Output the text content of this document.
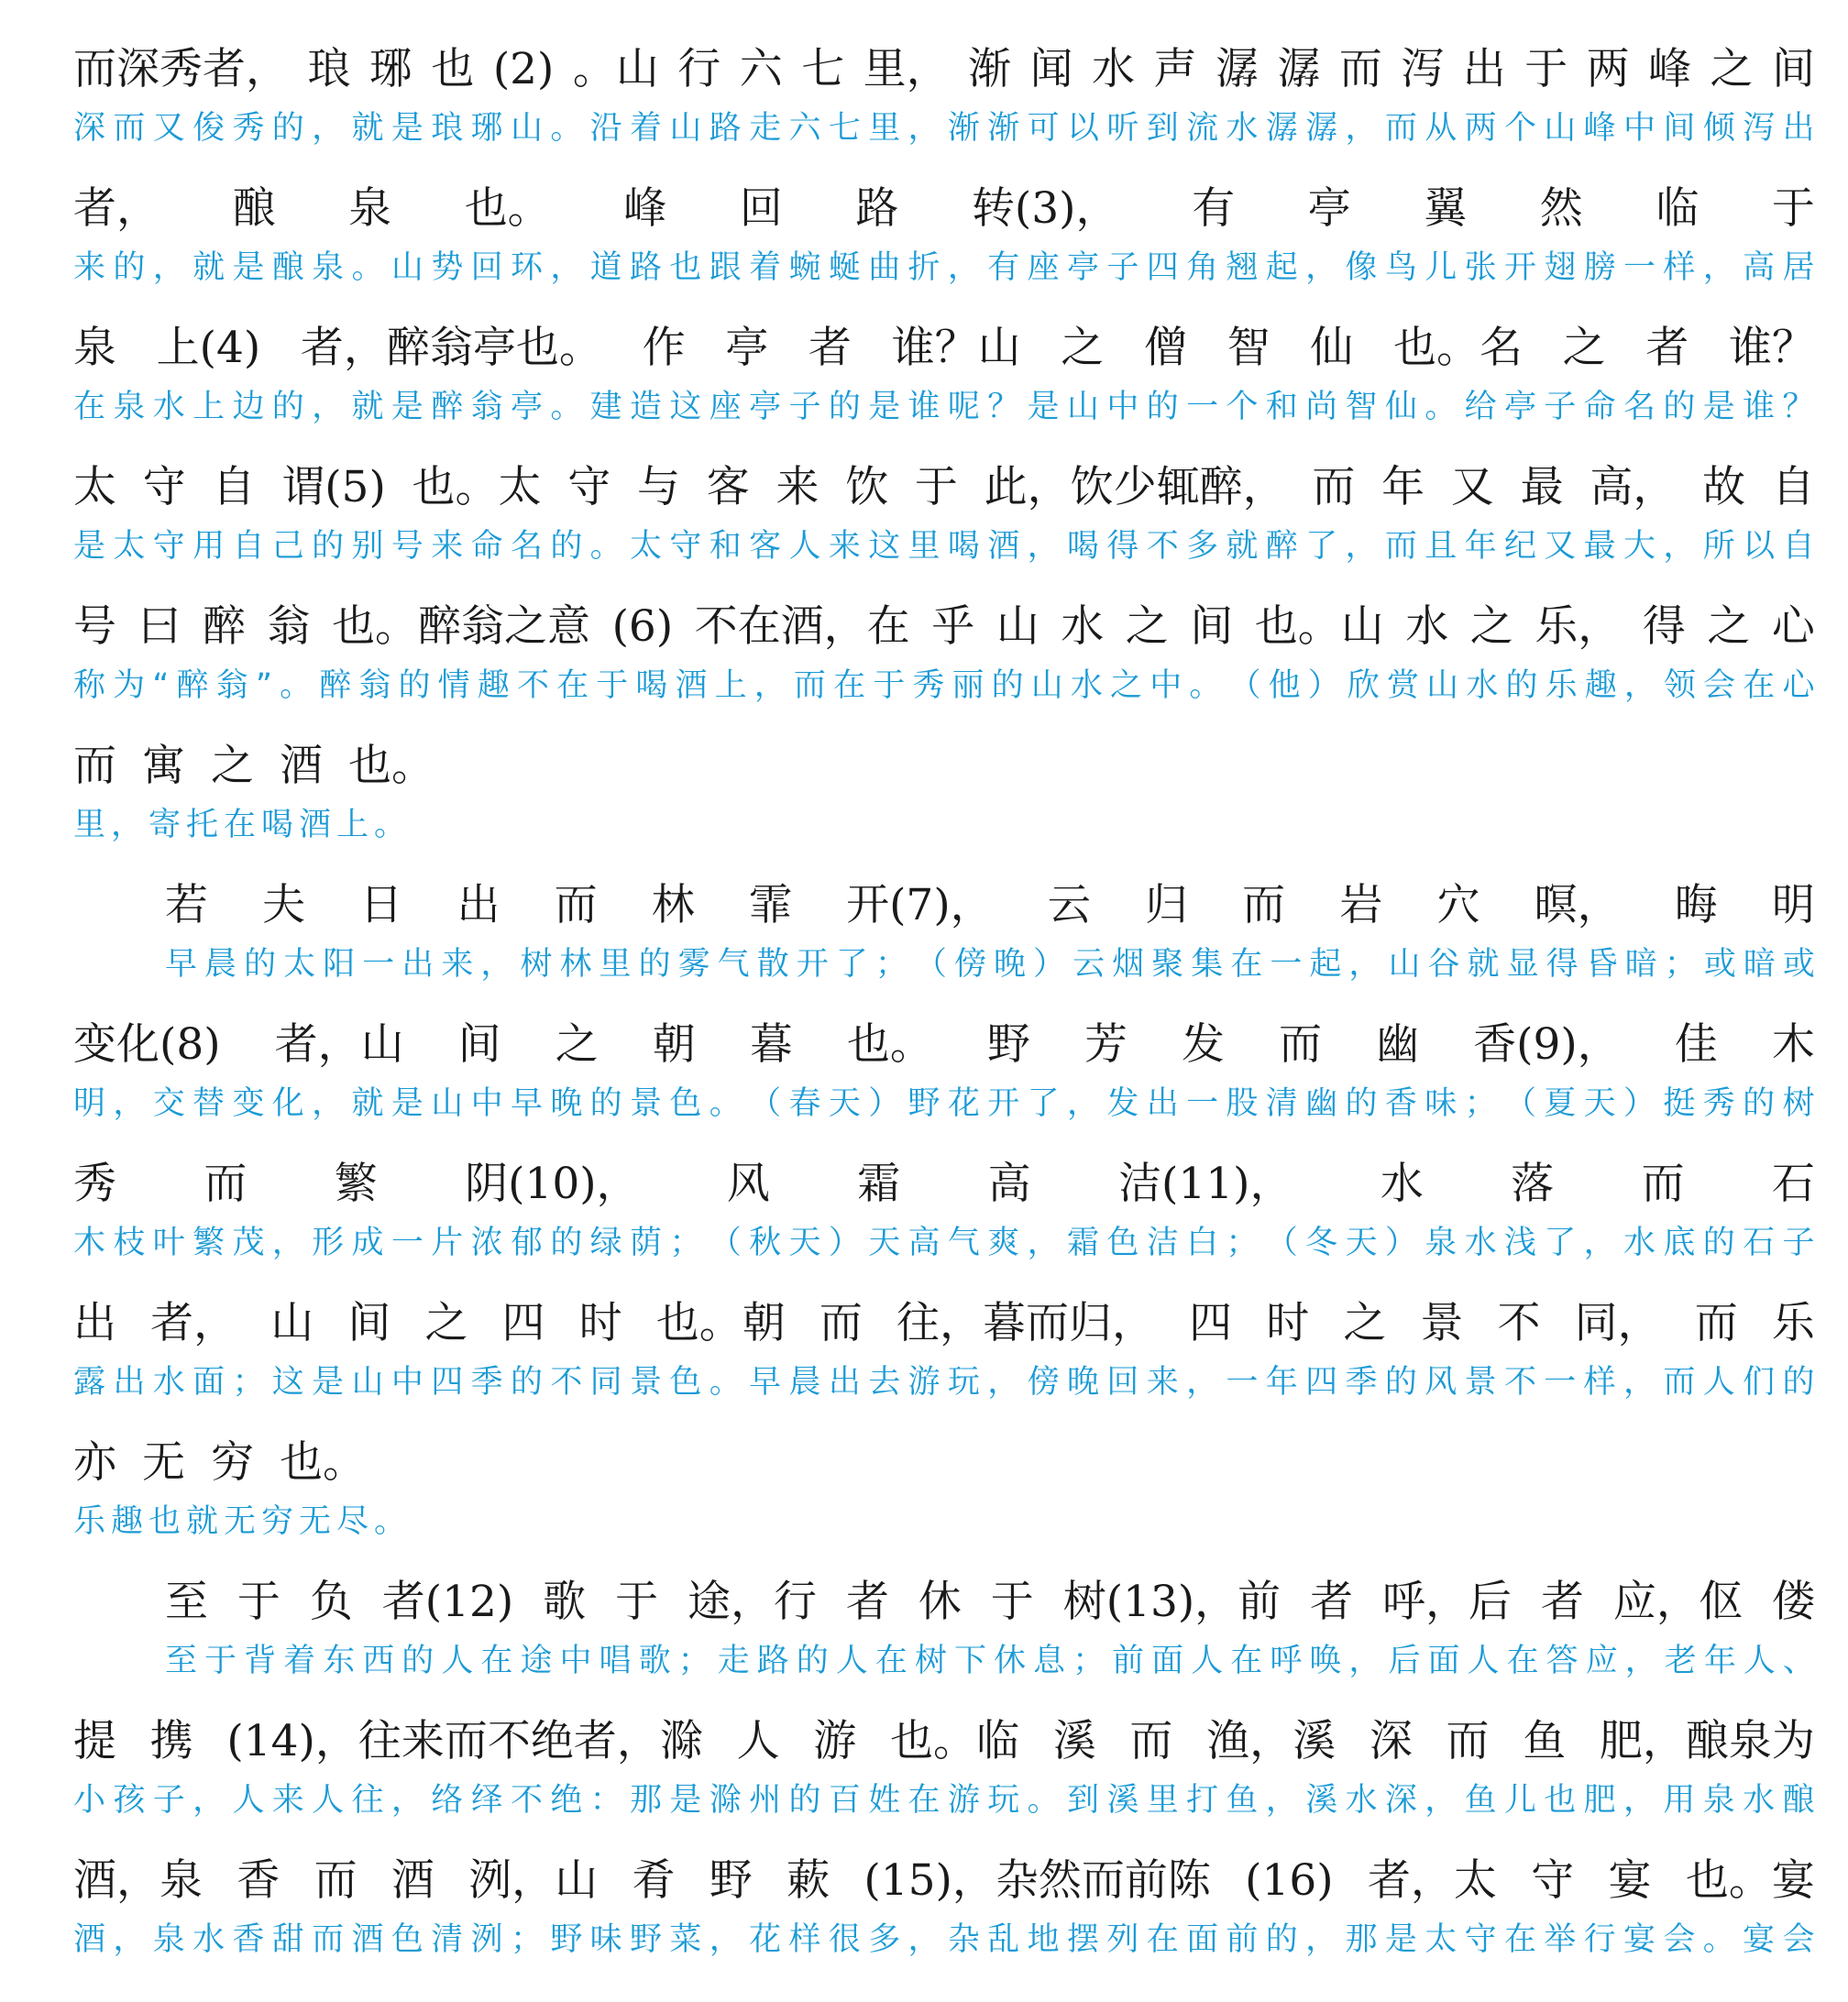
而深秀者， 琅 琊 也 (2) 。山 行 六 七 里， 渐 闻 水 声 潺 潺 而 泻 出 于 两 峰 之 间
深 而 又 俊 秀 的 ， 就 是 琅 琊 山 。 沿 着 山 路 走 六 七 里 ， 渐 渐 可 以 听 到 流 水 潺 潺 ， 而 从 两 个 山 峰 中 间 倾 泻 出
者， 酿 泉 也。 峰 回 路 转(3)， 有 亭 翼 然 临 于
来 的 ， 就 是 酿 泉 。 山 势 回 环 ， 道 路 也 跟 着 蜿 蜒 曲 折 ， 有 座 亭 子 四 角 翘 起 ， 像 鸟 儿 张 开 翅 膀 一 样 ， 高 居
泉 上(4) 者，醉翁亭也。 作 亭 者 谁？山 之 僧 智 仙 也。名 之 者 谁？
在 泉 水 上 边 的 ， 就 是 醉 翁 亭 。 建 造 这 座 亭 子 的 是 谁 呢 ？ 是 山 中 的 一 个 和 尚 智 仙 。 给 亭 子 命 名 的 是 谁 ？
太 守 自 谓(5) 也。太 守 与 客 来 饮 于 此，饮少辄醉， 而 年 又 最 高， 故 自
是 太 守 用 自 己 的 别 号 来 命 名 的 。 太 守 和 客 人 来 这 里 喝 酒 ， 喝 得 不 多 就 醉 了 ， 而 且 年 纪 又 最 大 ， 所 以 自
号 曰 醉 翁 也。醉翁之意 (6) 不在酒，在 乎 山 水 之 间 也。山 水 之 乐， 得 之 心
称 为 “ 醉 翁 ” 。 醉 翁 的 情 趣 不 在 于 喝 酒 上 ， 而 在 于 秀 丽 的 山 水 之 中 。 （ 他 ） 欣 赏 山 水 的 乐 趣 ， 领 会 在 心
而 寓 之 酒 也。
里，寄托在喝酒上。
若 夫 日 出 而 林 霏 开(7)， 云 归 而 岩 穴 暝， 晦 明
早 晨 的 太 阳 一 出 来 ， 树 林 里 的 雾 气 散 开 了 ； （ 傍 晚 ） 云 烟 聚 集 在 一 起 ， 山 谷 就 显 得 昏 暗 ； 或 暗 或
变化(8) 者，山 间 之 朝 暮 也。 野 芳 发 而 幽 香(9)， 佳 木
明 ， 交 替 变 化 ， 就 是 山 中 早 晚 的 景 色 。 （ 春 天 ） 野 花 开 了 ， 发 出 一 股 清 幽 的 香 味 ； （ 夏 天 ） 挺 秀 的 树
秀 而 繁 阴(10)， 风 霜 高 洁(11)， 水 落 而 石
木 枝 叶 繁 茂 ， 形 成 一 片 浓 郁 的 绿 荫 ； （ 秋 天 ） 天 高 气 爽 ， 霜 色 洁 白 ； （ 冬 天 ） 泉 水 浅 了 ， 水 底 的 石 子
出 者， 山 间 之 四 时 也。朝 而 往，暮而归， 四 时 之 景 不 同， 而 乐
露 出 水 面 ； 这 是 山 中 四 季 的 不 同 景 色 。 早 晨 出 去 游 玩 ， 傍 晚 回 来 ， 一 年 四 季 的 风 景 不 一 样 ， 而 人 们 的
亦 无 穷 也。
乐趣也就无穷无尽。
至 于 负 者(12) 歌 于 途，行 者 休 于 树(13)，前 者 呼，后 者 应，伛 偻
至 于 背 着 东 西 的 人 在 途 中 唱 歌 ； 走 路 的 人 在 树 下 休 息 ； 前 面 人 在 呼 唤 ， 后 面 人 在 答 应 ， 老 年 人 、
提 携 (14)，往来而不绝者，滁 人 游 也。临 溪 而 渔，溪 深 而 鱼 肥，酿泉为
小 孩 子 ， 人 来 人 往 ， 络 绎 不 绝 ： 那 是 滁 州 的 百 姓 在 游 玩 。 到 溪 里 打 鱼 ， 溪 水 深 ， 鱼 儿 也 肥 ， 用 泉 水 酿
酒，泉 香 而 酒 洌，山 肴 野 蔌 (15)，杂然而前陈 (16) 者，太 守 宴 也。宴
酒 ， 泉 水 香 甜 而 酒 色 清 洌 ； 野 味 野 菜 ， 花 样 很 多 ， 杂 乱 地 摆 列 在 面 前 的 ， 那 是 太 守 在 举 行 宴 会 。 宴 会
